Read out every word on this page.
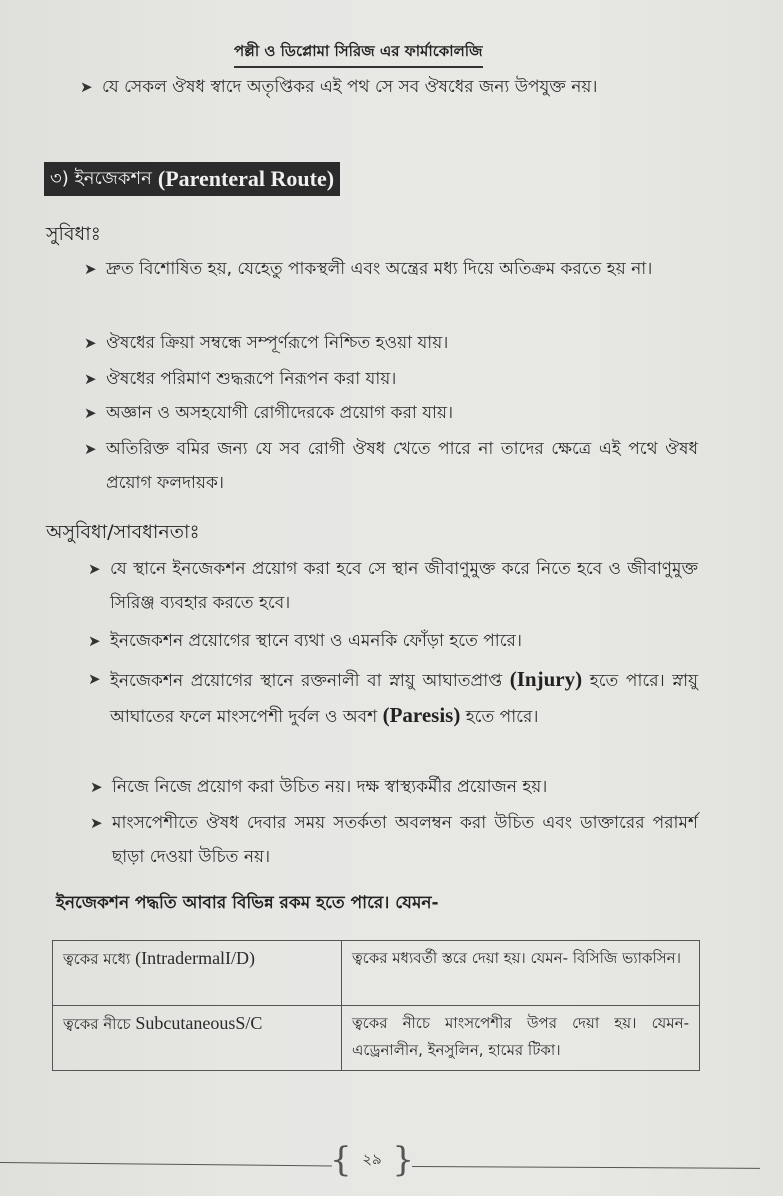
পল্লী ও ডিপ্লোমা সিরিজ এর ফার্মাকোলজি
➤ যে সেকল ঔষধ স্বাদে অতৃপ্তিকর এই পথ সে সব ঔষধের জন্য উপযুক্ত নয়।
৩) ইনজেকশন (Parenteral Route)
সুবিধাঃ
➤ দ্রুত বিশোষিত হয়, যেহেতু পাকস্থলী এবং অন্ত্রের মধ্য দিয়ে অতিক্রম করতে হয় না।
➤ ঔষধের ক্রিয়া সম্বন্ধে সম্পূর্ণরূপে নিশ্চিত হওয়া যায়।
➤ ঔষধের পরিমাণ শুদ্ধরূপে নিরূপন করা যায়।
➤ অজ্ঞান ও অসহযোগী রোগীদেরকে প্রয়োগ করা যায়।
➤ অতিরিক্ত বমির জন্য যে সব রোগী ঔষধ খেতে পারে না তাদের ক্ষেত্রে এই পথে ঔষধ প্রয়োগ ফলদায়ক।
অসুবিধা/সাবধানতাঃ
➤ যে স্থানে ইনজেকশন প্রয়োগ করা হবে সে স্থান জীবাণুমুক্ত করে নিতে হবে ও জীবাণুমুক্ত সিরিঞ্জ ব্যবহার করতে হবে।
➤ ইনজেকশন প্রয়োগের স্থানে ব্যথা ও এমনকি ফোঁড়া হতে পারে।
➤ ইনজেকশন প্রয়োগের স্থানে রক্তনালী বা স্নায়ু আঘাতপ্রাপ্ত (Injury) হতে পারে। স্নায়ু আঘাতের ফলে মাংসপেশী দুর্বল ও অবশ (Paresis) হতে পারে।
➤ নিজে নিজে প্রয়োগ করা উচিত নয়। দক্ষ স্বাস্থ্যকর্মীর প্রয়োজন হয়।
➤ মাংসপেশীতে ঔষধ দেবার সময় সতর্কতা অবলম্বন করা উচিত এবং ডাক্তারের পরামর্শ ছাড়া দেওয়া উচিত নয়।
ইনজেকশন পদ্ধতি আবার বিভিন্ন রকম হতে পারে। যেমন-
ত্বকের মধ্যে (IntradermalI/D)	ত্বকের মধ্যবর্তী স্তরে দেয়া হয়। যেমন- বিসিজি ভ্যাকসিন।
ত্বকের নীচে SubcutaneousS/C	ত্বকের নীচে মাংসপেশীর উপর দেয়া হয়। যেমন- এড্রেনালীন, ইনসুলিন, হামের টিকা।
{ ২৯ }
